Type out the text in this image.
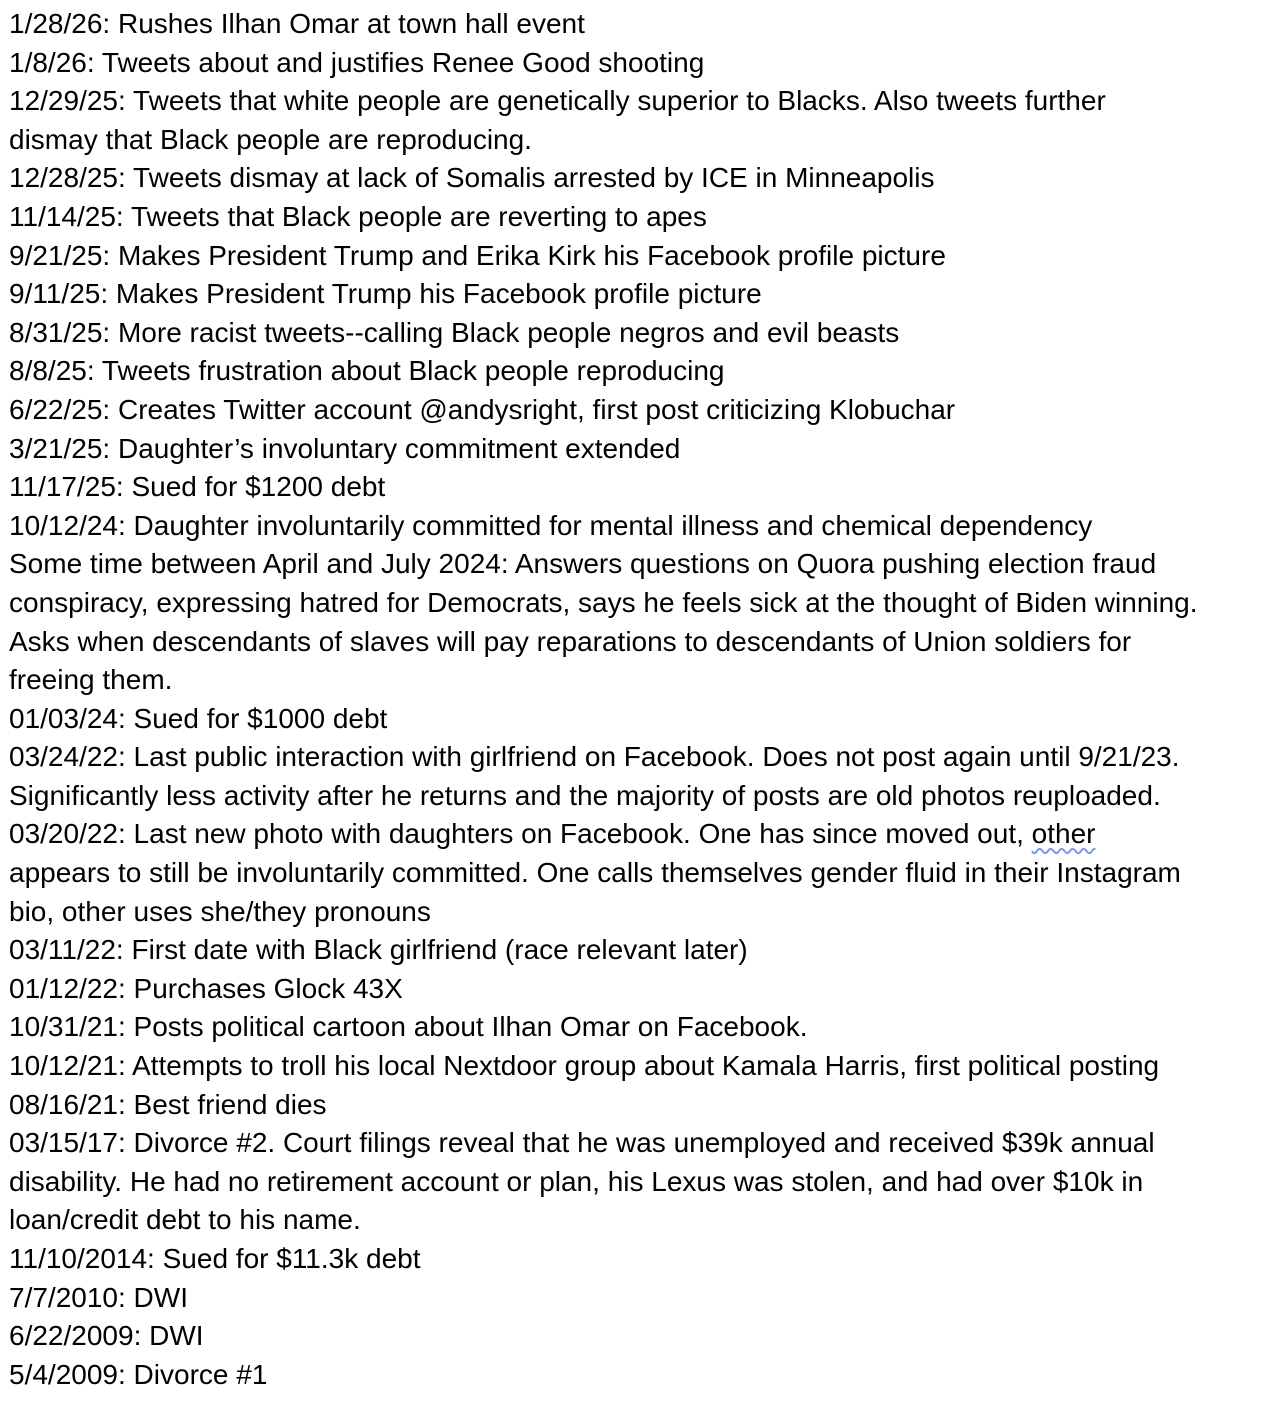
1/28/26: Rushes Ilhan Omar at town hall event
1/8/26: Tweets about and justifies Renee Good shooting
12/29/25: Tweets that white people are genetically superior to Blacks. Also tweets further
dismay that Black people are reproducing.
12/28/25: Tweets dismay at lack of Somalis arrested by ICE in Minneapolis
11/14/25: Tweets that Black people are reverting to apes
9/21/25: Makes President Trump and Erika Kirk his Facebook profile picture
9/11/25: Makes President Trump his Facebook profile picture
8/31/25: More racist tweets--calling Black people negros and evil beasts
8/8/25: Tweets frustration about Black people reproducing
6/22/25: Creates Twitter account @andysright, first post criticizing Klobuchar
3/21/25: Daughter’s involuntary commitment extended
11/17/25: Sued for $1200 debt
10/12/24: Daughter involuntarily committed for mental illness and chemical dependency
Some time between April and July 2024: Answers questions on Quora pushing election fraud
conspiracy, expressing hatred for Democrats, says he feels sick at the thought of Biden winning.
Asks when descendants of slaves will pay reparations to descendants of Union soldiers for
freeing them.
01/03/24: Sued for $1000 debt
03/24/22: Last public interaction with girlfriend on Facebook. Does not post again until 9/21/23.
Significantly less activity after he returns and the majority of posts are old photos reuploaded.
03/20/22: Last new photo with daughters on Facebook. One has since moved out, other
appears to still be involuntarily committed. One calls themselves gender fluid in their Instagram
bio, other uses she/they pronouns
03/11/22: First date with Black girlfriend (race relevant later)
01/12/22: Purchases Glock 43X
10/31/21: Posts political cartoon about Ilhan Omar on Facebook.
10/12/21: Attempts to troll his local Nextdoor group about Kamala Harris, first political posting
08/16/21: Best friend dies
03/15/17: Divorce #2. Court filings reveal that he was unemployed and received $39k annual
disability. He had no retirement account or plan, his Lexus was stolen, and had over $10k in
loan/credit debt to his name.
11/10/2014: Sued for $11.3k debt
7/7/2010: DWI
6/22/2009: DWI
5/4/2009: Divorce #1
